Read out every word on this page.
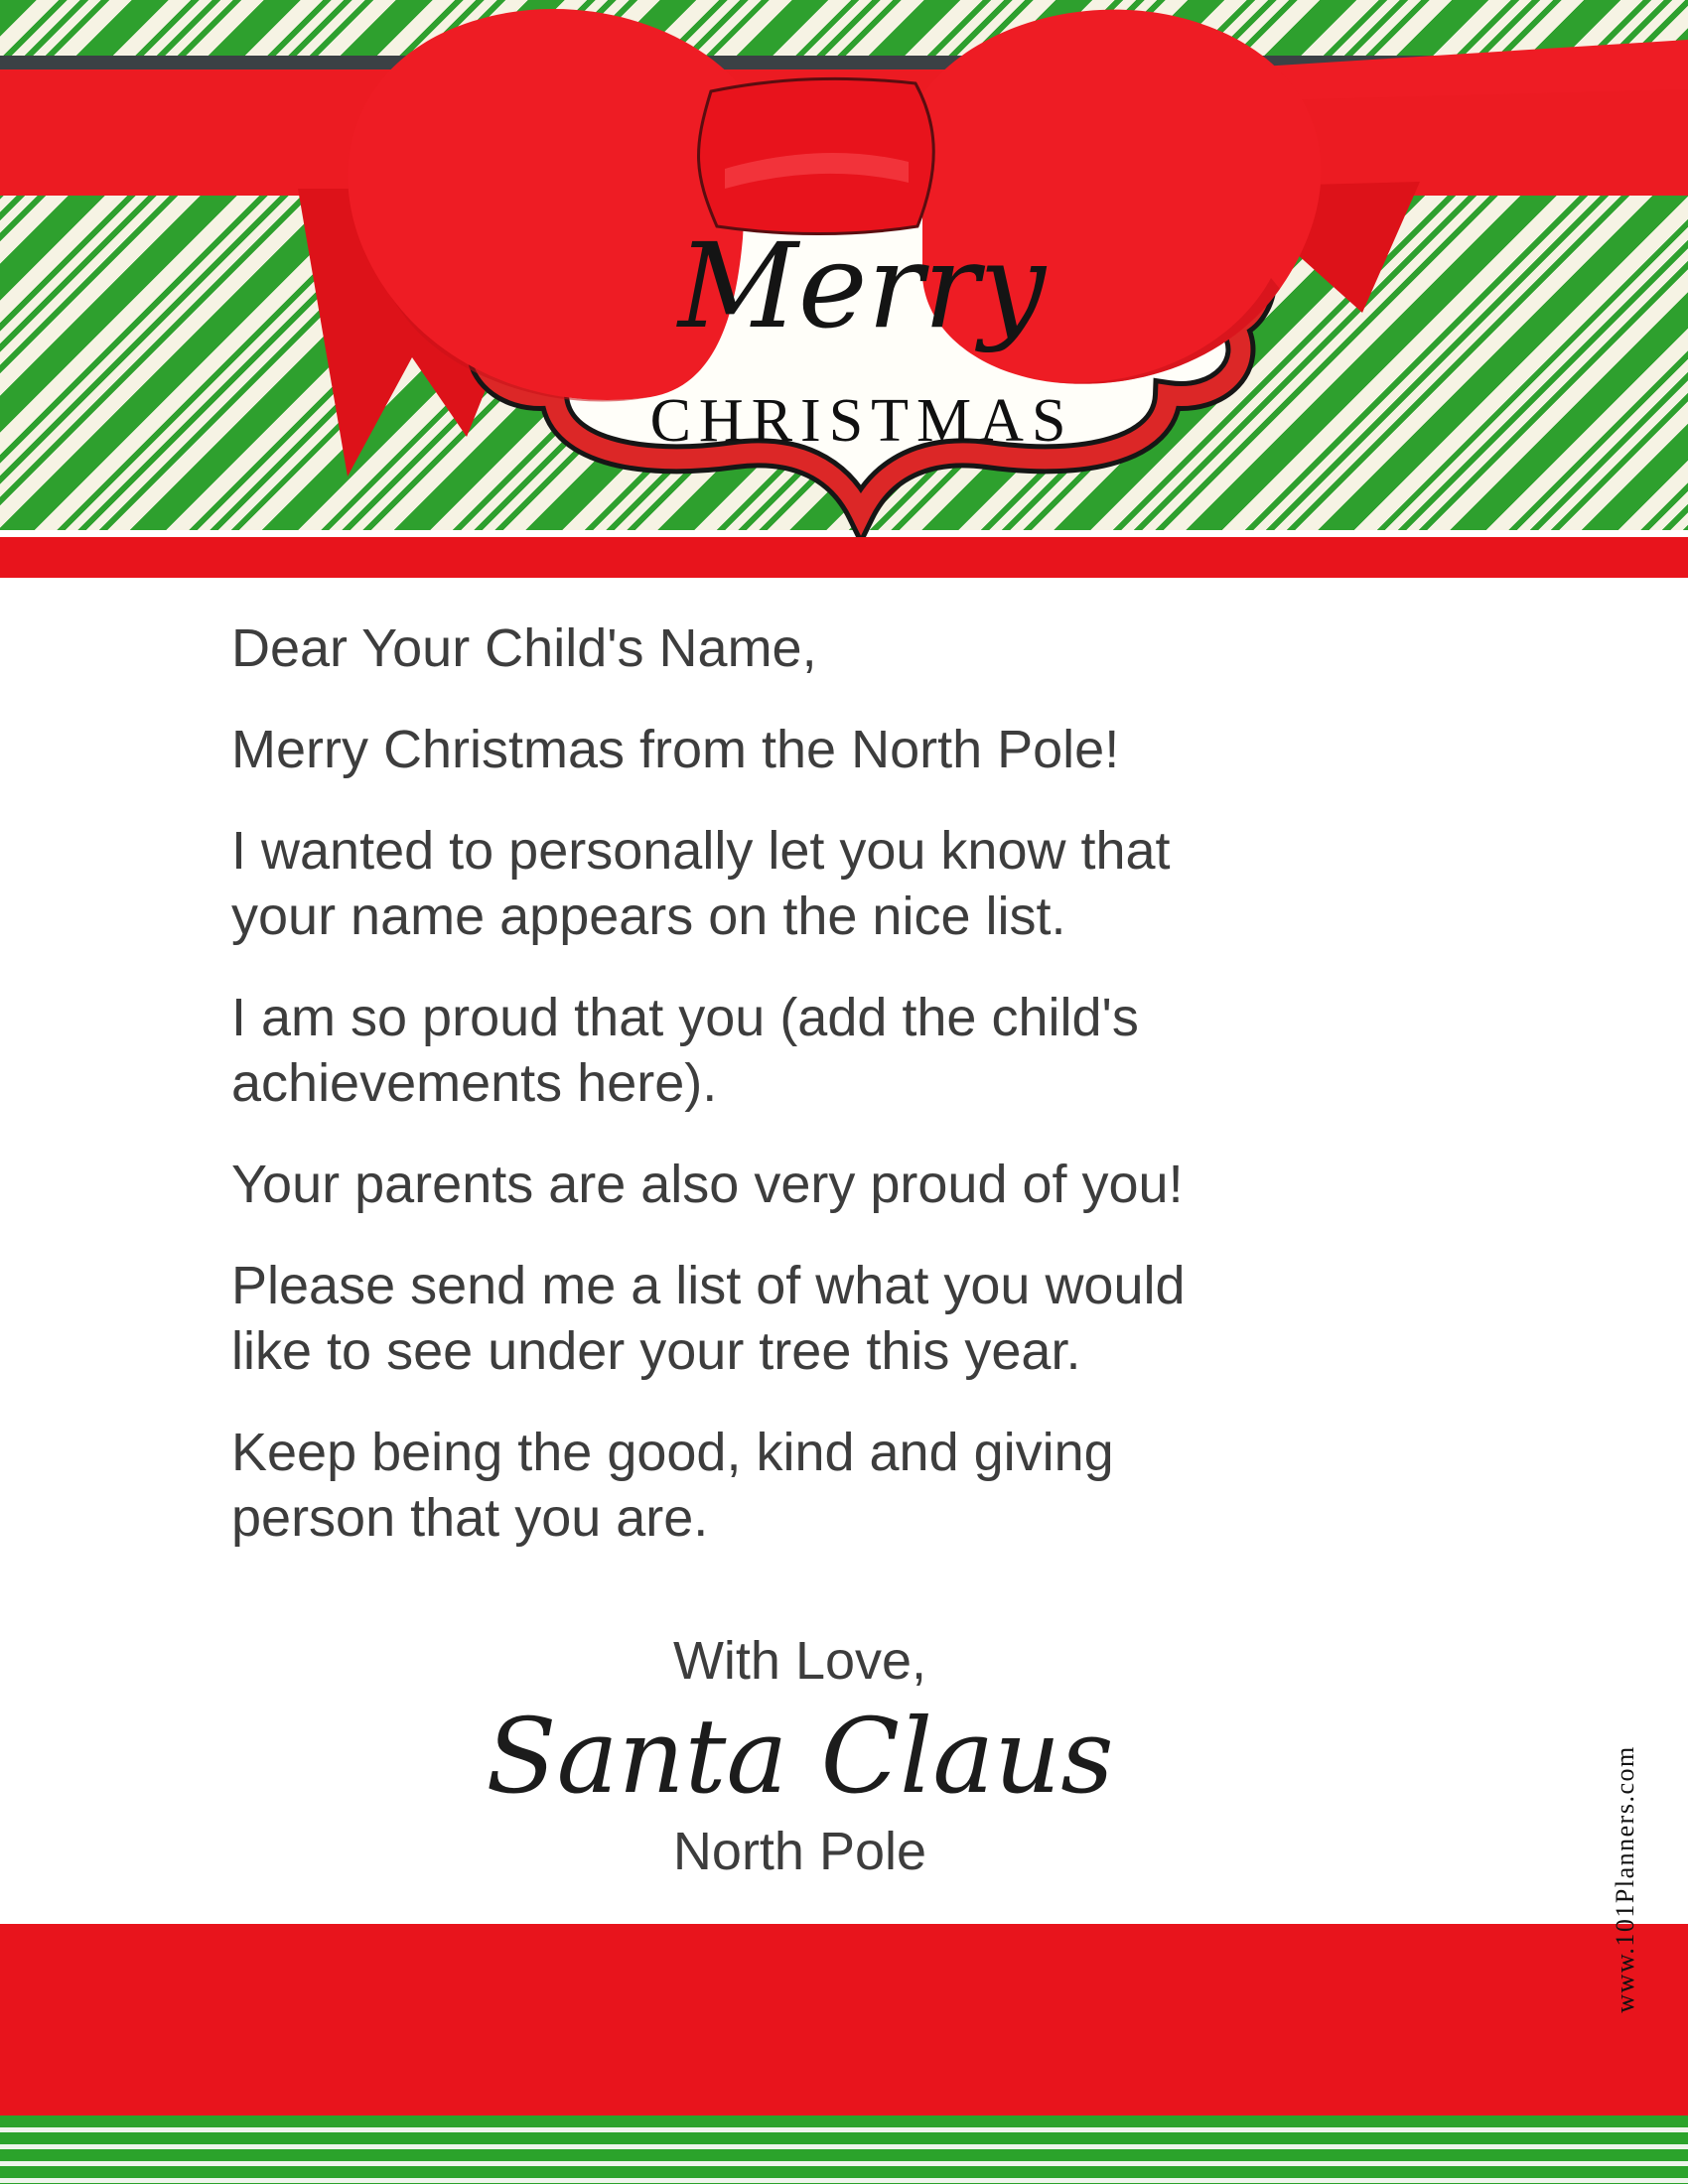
Merry
CHRISTMAS

Dear Your Child's Name,

Merry Christmas from the North Pole!

I wanted to personally let you know that
your name appears on the nice list.

I am so proud that you (add the child's
achievements here).

Your parents are also very proud of you!

Please send me a list of what you would
like to see under your tree this year.

Keep being the good, kind and giving
person that you are.

With Love,
Santa Claus
North Pole	www.101Planners.com
